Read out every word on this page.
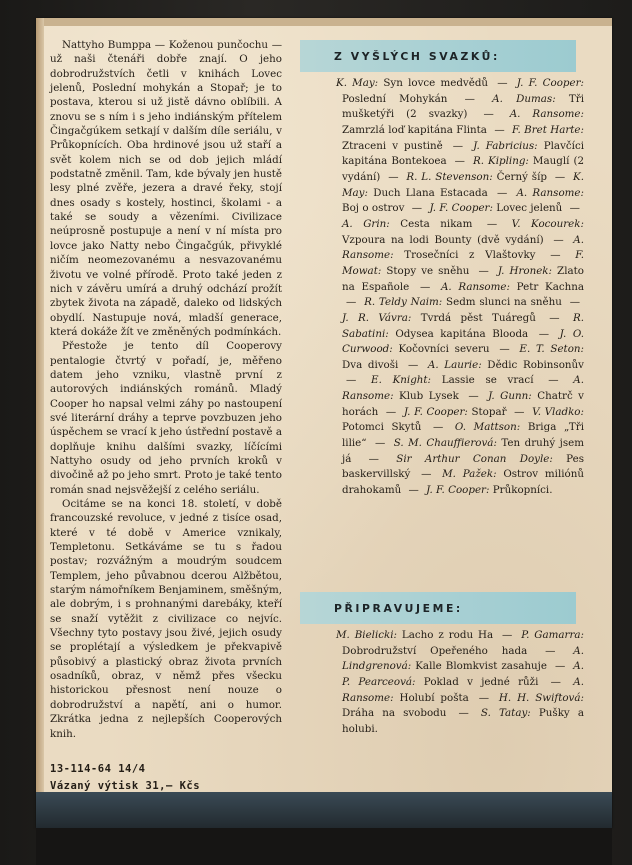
Nattyho Bumppa — Koženou punčochu — už naši čtenáři dobře znají. O jeho dobrodružstvích četli v knihách Lovec jelenů, Poslední mohykán a Stopař; je to postava, kterou si už jistě dávno oblíbili. A znovu se s ním i s jeho indiánským přítelem Čingačgúkem setkají v dalším díle seriálu, v Průkopnících. Oba hrdinové jsou už staří a svět kolem nich se od dob jejich mládí podstatně změnil. Tam, kde bývaly jen hustě lesy plné zvěře, jezera a dravé řeky, stojí dnes osady s kostely, hostinci, školami - a také se soudy a vězeními. Civilizace neúprosně postupuje a není v ní místa pro lovce jako Natty nebo Čingačgúk, přivyklé ničím neomezovanému a nesvazovanému životu ve volné přírodě. Proto také jeden z nich v závěru umírá a druhý odchází prožít zbytek života na západě, daleko od lidských obydlí. Nastupuje nová, mladší generace, která dokáže žít ve změněných podmínkách.

Přestože je tento díl Cooperovy pentalogie čtvrtý v pořadí, je, měřeno datem jeho vzniku, vlastně první z autorových indiánských románů. Mladý Cooper ho napsal velmi záhy po nastoupení své literární dráhy a teprve povzbuzen jeho úspěchem se vrací k jeho ústřední postavě a doplňuje knihu dalšími svazky, líčícími Nattyho osudy od jeho prvních kroků v divočině až po jeho smrt. Proto je také tento román snad nejsvěžejší z celého seriálu.

Ocitáme se na konci 18. století, v době francouzské revoluce, v jedné z tisíce osad, které v té době v Americe vznikaly, Templetonu. Setkáváme se tu s řadou postav; rozvážným a moudrým soudcem Templem, jeho půvabnou dcerou Alžbětou, starým námořníkem Benjaminem, směšným, ale dobrým, i s prohnanými darebáky, kteří se snaží vytěžit z civilizace co nejvíc. Všechny tyto postavy jsou živé, jejich osudy se proplétají a výsledkem je překvapivě působivý a plastický obraz života prvních osadníků, obraz, v němž přes všecku historickou přesnost není nouze o dobrodružství a napětí, ani o humor. Zkrátka jedna z nejlepších Cooperových knih.

13-114-64 14/4
Vázaný výtisk 31,— Kčs
Z VYŠLÝCH SVAZKŮ:
K. May: Syn lovce medvědů — J. F. Cooper: Poslední Mohykán — A. Dumas: Tři mušketýři (2 svazky) — A. Ransome: Zamrzlá loď kapitána Flinta — F. Bret Harte: Ztraceni v pustině — J. Fabricius: Plavčíci kapitána Bontekoea — R. Kipling: Mauglí (2 vydání) — R. L. Stevenson: Černý šíp — K. May: Duch Llana Estacada — A. Ransome: Boj o ostrov — J. F. Cooper: Lovec jelenů — A. Grin: Cesta nikam — V. Kocourek: Vzpoura na lodi Bounty (dvě vydání) — A. Ransome: Trosečníci z Vlaštovky — F. Mowat: Stopy ve sněhu — J. Hronek: Zlato na Españole — A. Ransome: Petr Kachna — R. Teldy Naim: Sedm slunci na sněhu — J. R. Vávra: Tvrdá pěst Tuáregů — R. Sabatini: Odysea kapitána Blooda — J. O. Curwood: Kočovníci severu — E. T. Seton: Dva divoši — A. Laurie: Dědic Robinsonův — E. Knight: Lassie se vrací — A. Ransome: Klub Lysek — J. Gunn: Chatrč v horách — J. F. Cooper: Stopař — V. Vladko: Potomci Skytů — O. Mattson: Briga „Tři lilie“ — S. M. Chauffierová: Ten druhý jsem já — Sir Arthur Conan Doyle: Pes baskervillský — M. Pažek: Ostrov miliónů drahokamů — J. F. Cooper: Průkopníci.
PŘIPRAVUJEME:
M. Bielicki: Lacho z rodu Ha — P. Gamarra: Dobrodružství Opeřeného hada — A. Lindgrenová: Kalle Blomkvist zasahuje — A. P. Pearceová: Poklad v jedné růži — A. Ransome: Holubí pošta — H. H. Swiftová: Dráha na svobodu — S. Tatay: Pušky a holubi.
